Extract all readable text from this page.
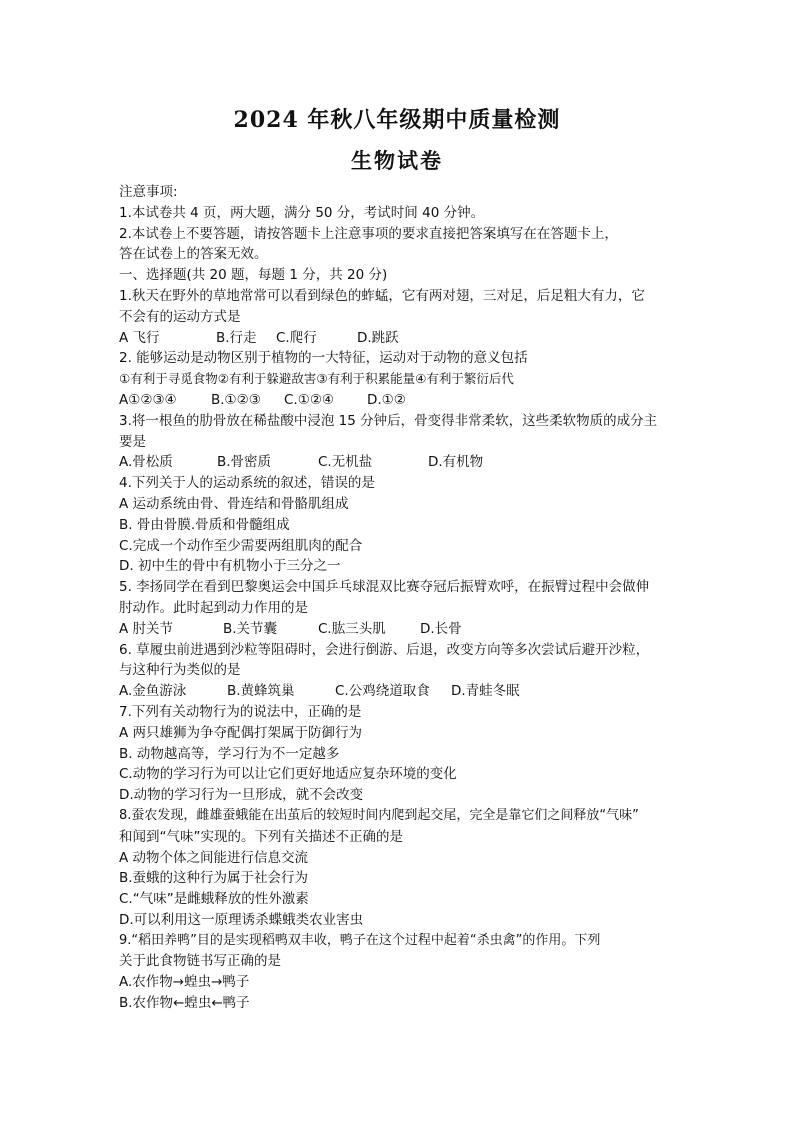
2024 年秋八年级期中质量检测
生物试卷
注意事项:
1.本试卷共 4 页，两大题，满分 50 分，考试时间 40 分钟。
2.本试卷上不要答题，请按答题卡上注意事项的要求直接把答案填写在在答题卡上，
答在试卷上的答案无效。
一、选择题(共 20 题，每题 1 分，共 20 分)
1.秋天在野外的草地常常可以看到绿色的蚱蜢，它有两对翅，三对足，后足粗大有力，它
不会有的运动方式是
A 飞行	B.行走	C.爬行	D.跳跃
2. 能够运动是动物区别于植物的一大特征，运动对于动物的意义包括
①有利于寻觅食物②有利于躲避敌害③有利于积累能量④有利于繁衍后代
A①②③④	B.①②③	C.①②④	D.①②
3.将一根鱼的肋骨放在稀盐酸中浸泡 15 分钟后，骨变得非常柔软，这些柔软物质的成分主
要是
A.骨松质	B.骨密质	C.无机盐	D.有机物
4.下列关于人的运动系统的叙述，错误的是
A 运动系统由骨、骨连结和骨骼肌组成
B. 骨由骨膜.骨质和骨髓组成
C.完成一个动作至少需要两组肌肉的配合
D. 初中生的骨中有机物小于三分之一
5. 李扬同学在看到巴黎奥运会中国乒乓球混双比赛夺冠后振臂欢呼，在振臂过程中会做伸
肘动作。此时起到动力作用的是
A 肘关节	B.关节囊	C.肱三头肌	D.长骨
6. 草履虫前进遇到沙粒等阻碍时，会进行倒游、后退，改变方向等多次尝试后避开沙粒，
与这种行为类似的是
A.金鱼游泳	B.黄蜂筑巢	C.公鸡绕道取食	D.青蛙冬眠
7.下列有关动物行为的说法中，正确的是
A 两只雄狮为争夺配偶打架属于防御行为
B. 动物越高等，学习行为不一定越多
C.动物的学习行为可以让它们更好地适应复杂环境的变化
D.动物的学习行为一旦形成，就不会改变
8.蚕农发现，雌雄蚕蛾能在出茧后的较短时间内爬到起交尾，完全是靠它们之间释放“气味”
和闻到“气味”实现的。下列有关描述不正确的是
A 动物个体之间能进行信息交流
B.蚕蛾的这种行为属于社会行为
C.“气味”是雌蛾释放的性外激素
D.可以利用这一原理诱杀蝶蛾类农业害虫
9.“稻田养鸭”目的是实现稻鸭双丰收，鸭子在这个过程中起着“杀虫禽”的作用。下列
关于此食物链书写正确的是
A.农作物→蝗虫→鸭子
B.农作物←蝗虫←鸭子
